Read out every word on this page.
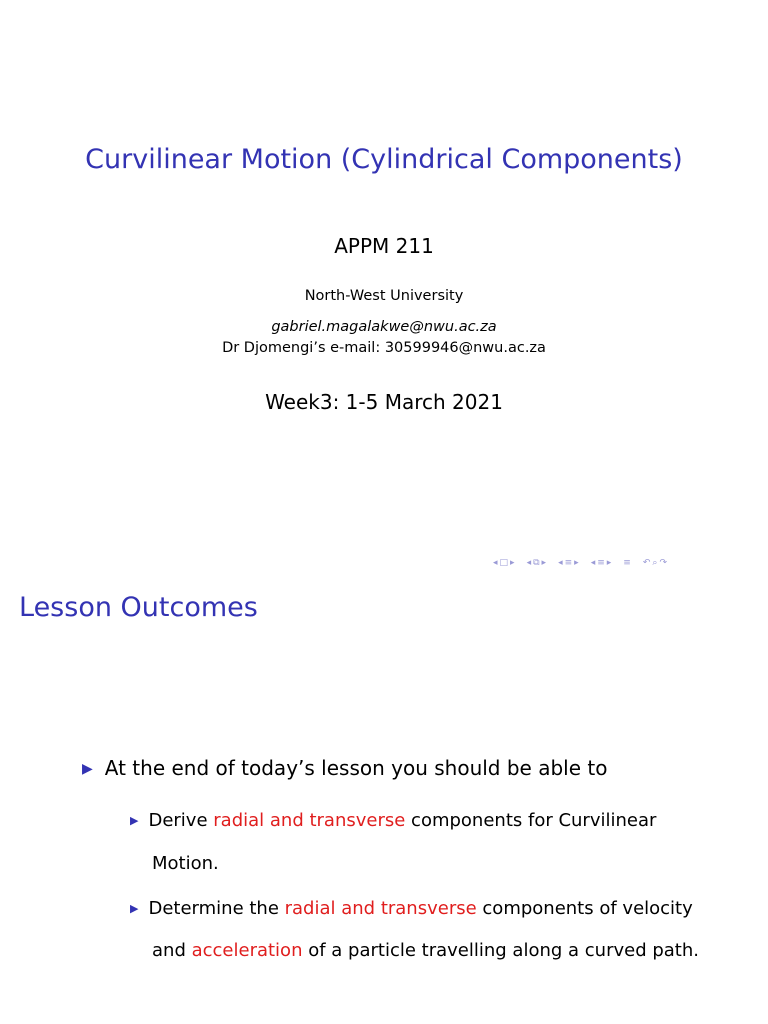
Curvilinear Motion (Cylindrical Components)
APPM 211
North-West University
gabriel.magalakwe@nwu.ac.za
Dr Djomengi’s e-mail: 30599946@nwu.ac.za
Week3: 1-5 March 2021
◂ □ ▸ ◂ ⧉ ▸ ◂ ≡ ▸ ◂ ≡ ▸ ≡ ↶ ⌕ ↷
Lesson Outcomes
▶ At the end of today’s lesson you should be able to
▶ Derive radial and transverse components for Curvilinear
Motion.
▶ Determine the radial and transverse components of velocity
and acceleration of a particle travelling along a curved path.
